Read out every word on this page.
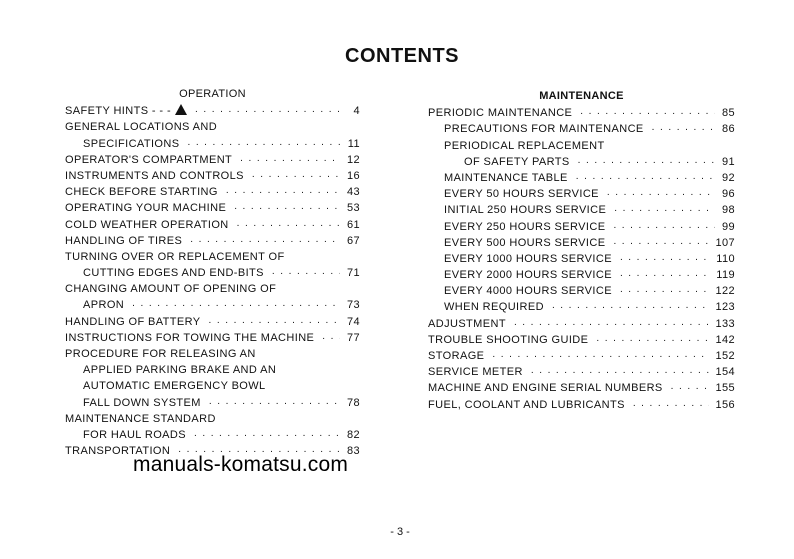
CONTENTS
OPERATION
SAFETY HINTS - - - . . .	4
GENERAL LOCATIONS AND
SPECIFICATIONS . . .	11
OPERATOR'S COMPARTMENT . . .	12
INSTRUMENTS AND CONTROLS . . .	16
CHECK BEFORE STARTING . . .	43
OPERATING YOUR MACHINE . . .	53
COLD WEATHER OPERATION . . .	61
HANDLING OF TIRES . . .	67
TURNING OVER OR REPLACEMENT OF
CUTTING EDGES AND END-BITS . . .	71
CHANGING AMOUNT OF OPENING OF
APRON . . .	73
HANDLING OF BATTERY . . .	74
INSTRUCTIONS FOR TOWING THE MACHINE . . .	77
PROCEDURE FOR RELEASING AN
APPLIED PARKING BRAKE AND AN
AUTOMATIC EMERGENCY BOWL
FALL DOWN SYSTEM . . .	78
MAINTENANCE STANDARD
FOR HAUL ROADS . . .	82
TRANSPORTATION . . .	83
MAINTENANCE
PERIODIC MAINTENANCE . . .	85
PRECAUTIONS FOR MAINTENANCE . . .	86
PERIODICAL REPLACEMENT
OF SAFETY PARTS . . .	91
MAINTENANCE TABLE . . .	92
EVERY 50 HOURS SERVICE . . .	96
INITIAL 250 HOURS SERVICE . . .	98
EVERY 250 HOURS SERVICE . . .	99
EVERY 500 HOURS SERVICE . . .	107
EVERY 1000 HOURS SERVICE . . .	110
EVERY 2000 HOURS SERVICE . . .	119
EVERY 4000 HOURS SERVICE . . .	122
WHEN REQUIRED . . .	123
ADJUSTMENT . . .	133
TROUBLE SHOOTING GUIDE . . .	142
STORAGE . . .	152
SERVICE METER . . .	154
MACHINE AND ENGINE SERIAL NUMBERS . . .	155
FUEL, COOLANT AND LUBRICANTS . . .	156
manuals-komatsu.com
- 3 -
